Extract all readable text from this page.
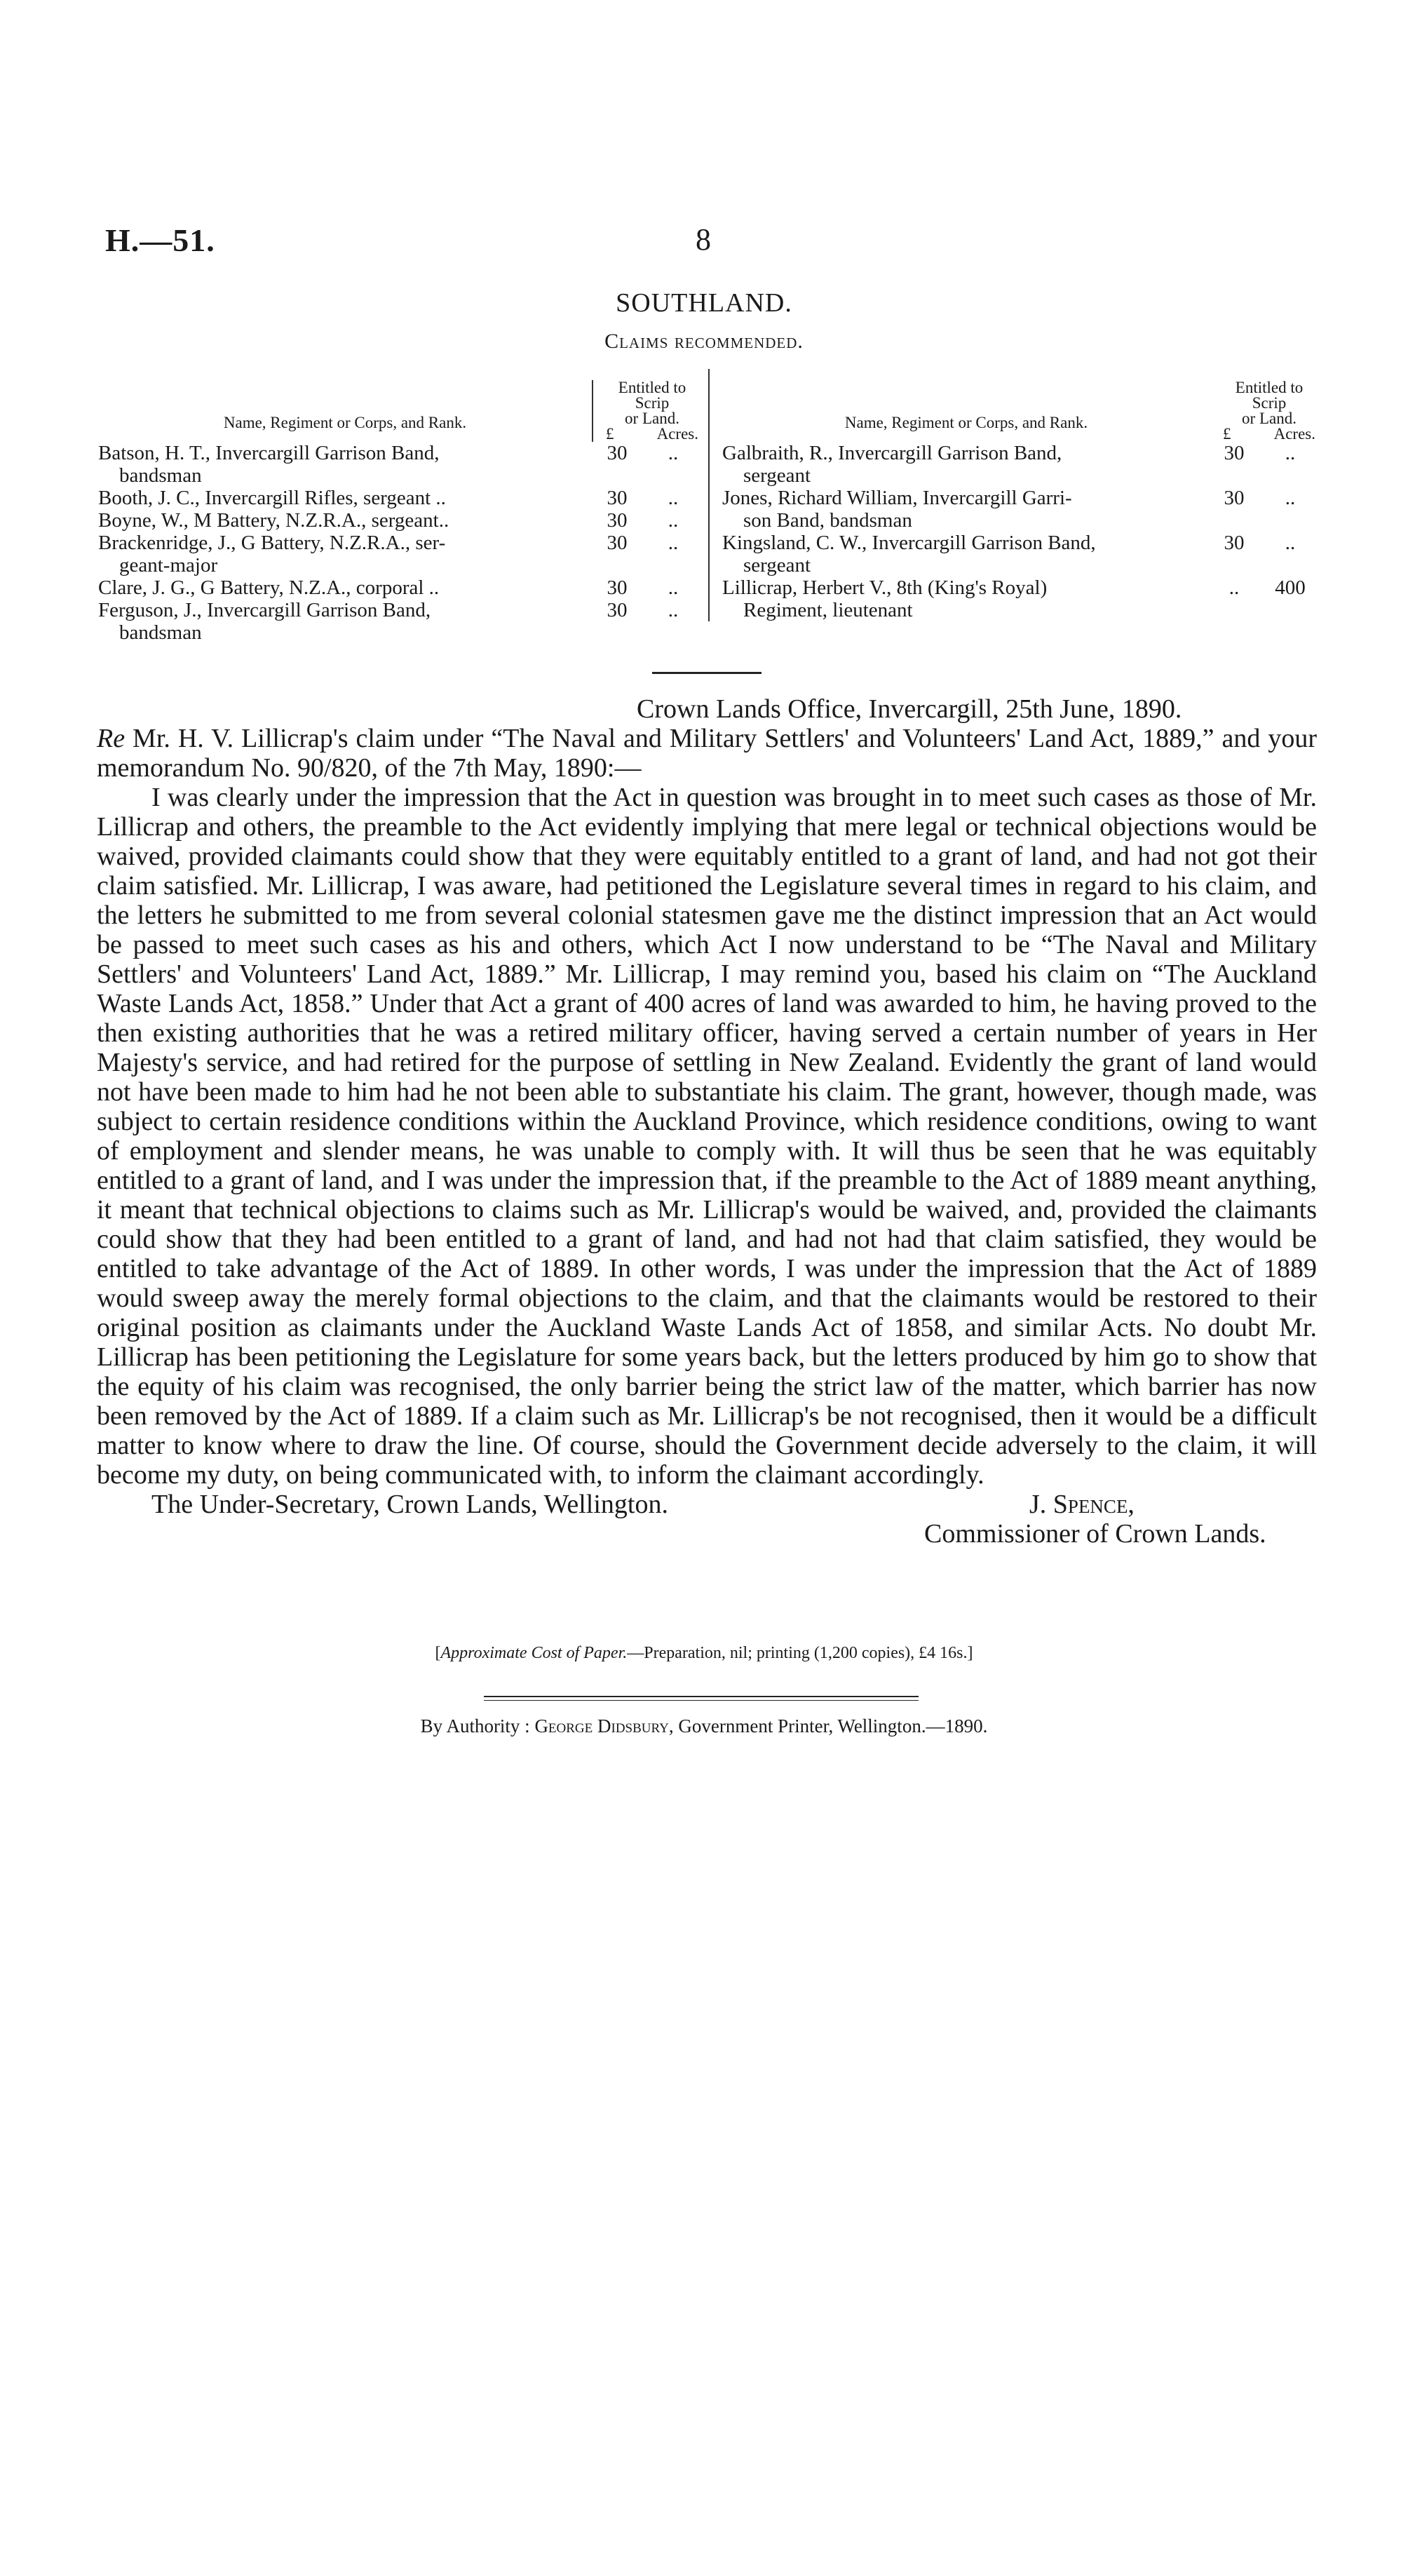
H.—51.	8
SOUTHLAND.
Claims recommended.
Name, Regiment or Corps, and Rank.
Entitled to
Scrip
or Land.
£	Acres.
Batson, H. T., Invercargill Garrison Band,
bandsman
30	..
Booth, J. C., Invercargill Rifles, sergeant ..	30	..
Boyne, W., M Battery, N.Z.R.A., sergeant..	30	..
Brackenridge, J., G Battery, N.Z.R.A., ser-
geant-major
30	..
Clare, J. G., G Battery, N.Z.A., corporal ..	30	..
Ferguson, J., Invercargill Garrison Band,
bandsman
30	..
Name, Regiment or Corps, and Rank.
Entitled to
Scrip
or Land.
£	Acres.
Galbraith, R., Invercargill Garrison Band,
sergeant
30	..
Jones, Richard William, Invercargill Garri-
son Band, bandsman
30	..
Kingsland, C. W., Invercargill Garrison Band,
sergeant
30	..
Lillicrap, Herbert V., 8th (King's Royal)
Regiment, lieutenant
..	400
Crown Lands Office, Invercargill, 25th June, 1890.

Re Mr. H. V. Lillicrap's claim under “The Naval and Military Settlers' and Volunteers' Land Act, 1889,” and your memorandum No. 90/820, of the 7th May, 1890:—

I was clearly under the impression that the Act in question was brought in to meet such cases as those of Mr. Lillicrap and others, the preamble to the Act evidently implying that mere legal or technical objections would be waived, provided claimants could show that they were equitably entitled to a grant of land, and had not got their claim satisfied. Mr. Lillicrap, I was aware, had petitioned the Legislature several times in regard to his claim, and the letters he submitted to me from several colonial statesmen gave me the distinct impression that an Act would be passed to meet such cases as his and others, which Act I now understand to be “The Naval and Military Settlers' and Volunteers' Land Act, 1889.” Mr. Lillicrap, I may remind you, based his claim on “The Auckland Waste Lands Act, 1858.” Under that Act a grant of 400 acres of land was awarded to him, he having proved to the then existing authorities that he was a retired military officer, having served a certain number of years in Her Majesty's service, and had retired for the purpose of settling in New Zealand. Evidently the grant of land would not have been made to him had he not been able to substantiate his claim. The grant, however, though made, was subject to certain residence conditions within the Auckland Province, which residence conditions, owing to want of employment and slender means, he was unable to comply with. It will thus be seen that he was equitably entitled to a grant of land, and I was under the impression that, if the preamble to the Act of 1889 meant anything, it meant that technical objections to claims such as Mr. Lillicrap's would be waived, and, provided the claimants could show that they had been entitled to a grant of land, and had not had that claim satisfied, they would be entitled to take advantage of the Act of 1889. In other words, I was under the impression that the Act of 1889 would sweep away the merely formal objections to the claim, and that the claimants would be restored to their original position as claimants under the Auckland Waste Lands Act of 1858, and similar Acts. No doubt Mr. Lillicrap has been petitioning the Legislature for some years back, but the letters produced by him go to show that the equity of his claim was recognised, the only barrier being the strict law of the matter, which barrier has now been removed by the Act of 1889. If a claim such as Mr. Lillicrap's be not recognised, then it would be a difficult matter to know where to draw the line. Of course, should the Government decide adversely to the claim, it will become my duty, on being communicated with, to inform the claimant accordingly.

The Under-Secretary, Crown Lands, Wellington.	J. Spence,
Commissioner of Crown Lands.
[Approximate Cost of Paper.—Preparation, nil; printing (1,200 copies), £4 16s.]
By Authority : George Didsbury, Government Printer, Wellington.—1890.
